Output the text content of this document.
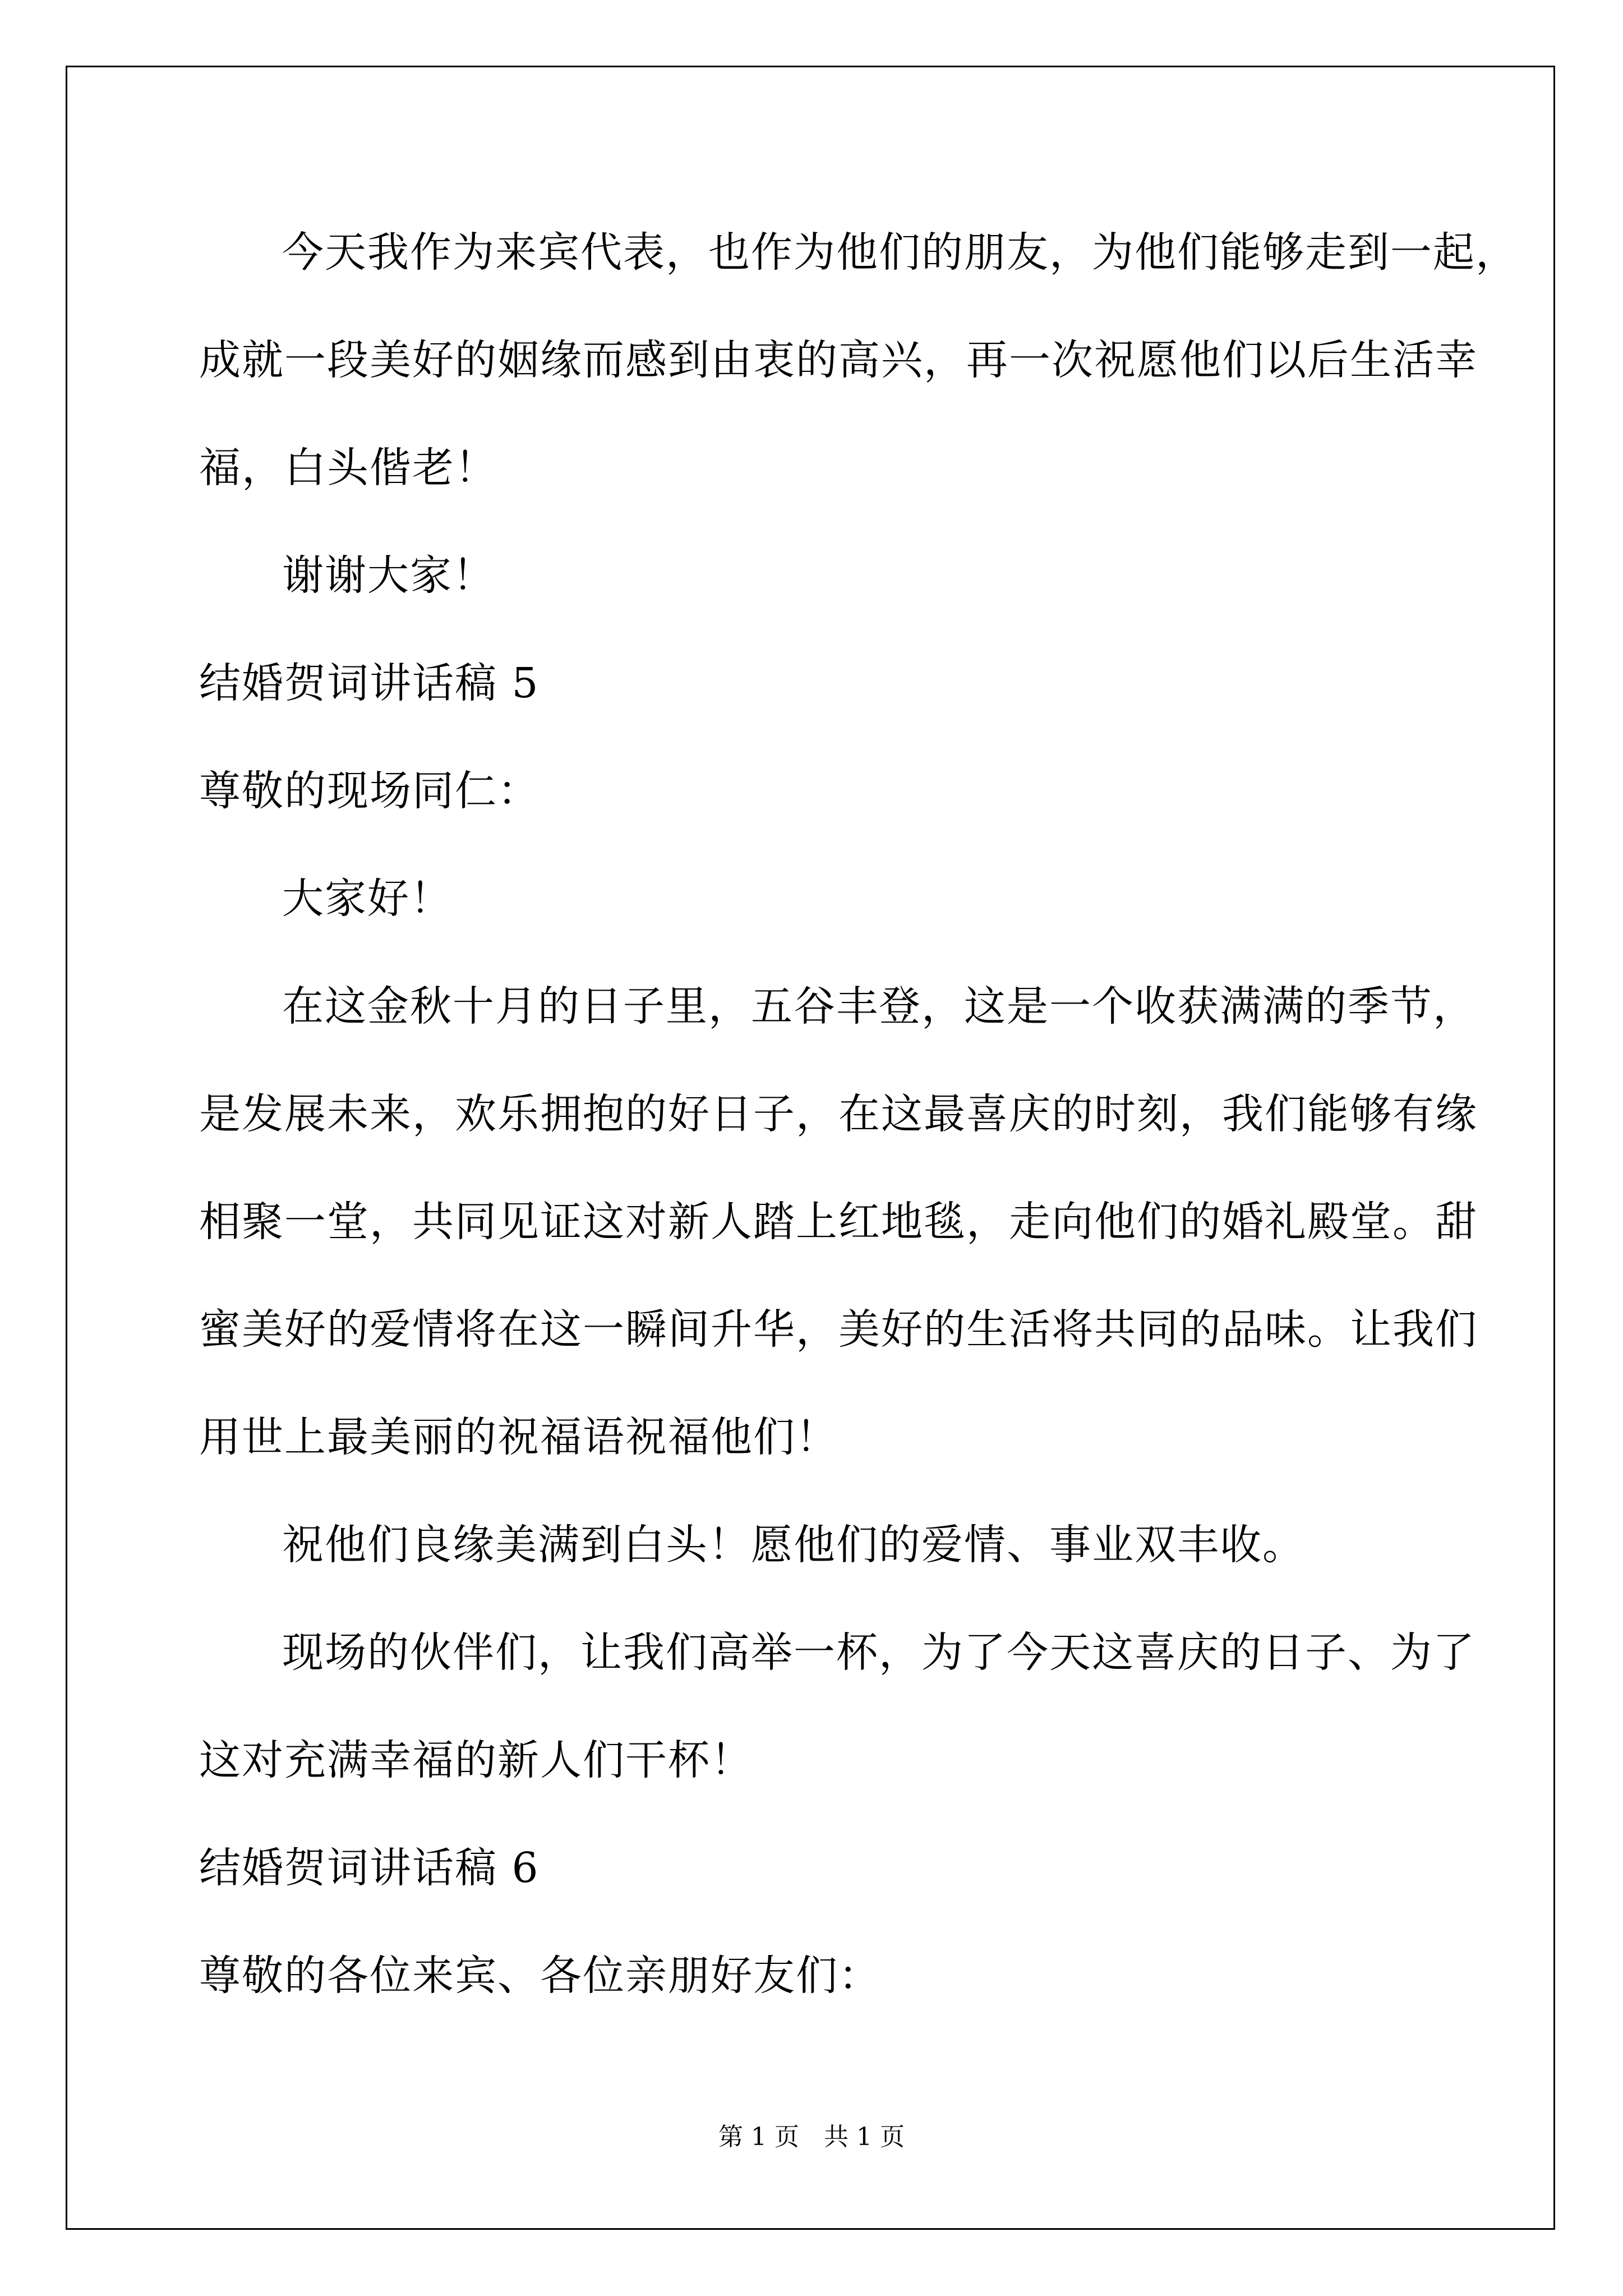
今天我作为来宾代表，也作为他们的朋友，为他们能够走到一起，
成就一段美好的姻缘而感到由衷的高兴，再一次祝愿他们以后生活幸
福，白头偕老！
谢谢大家！
结婚贺词讲话稿 5
尊敬的现场同仁：
大家好！
在这金秋十月的日子里，五谷丰登，这是一个收获满满的季节，
是发展未来，欢乐拥抱的好日子，在这最喜庆的时刻，我们能够有缘
相聚一堂，共同见证这对新人踏上红地毯，走向他们的婚礼殿堂。甜
蜜美好的爱情将在这一瞬间升华，美好的生活将共同的品味。让我们
用世上最美丽的祝福语祝福他们！
祝他们良缘美满到白头！愿他们的爱情、事业双丰收。
现场的伙伴们，让我们高举一杯，为了今天这喜庆的日子、为了
这对充满幸福的新人们干杯！
结婚贺词讲话稿 6
尊敬的各位来宾、各位亲朋好友们：
第 1 页　共 1 页
